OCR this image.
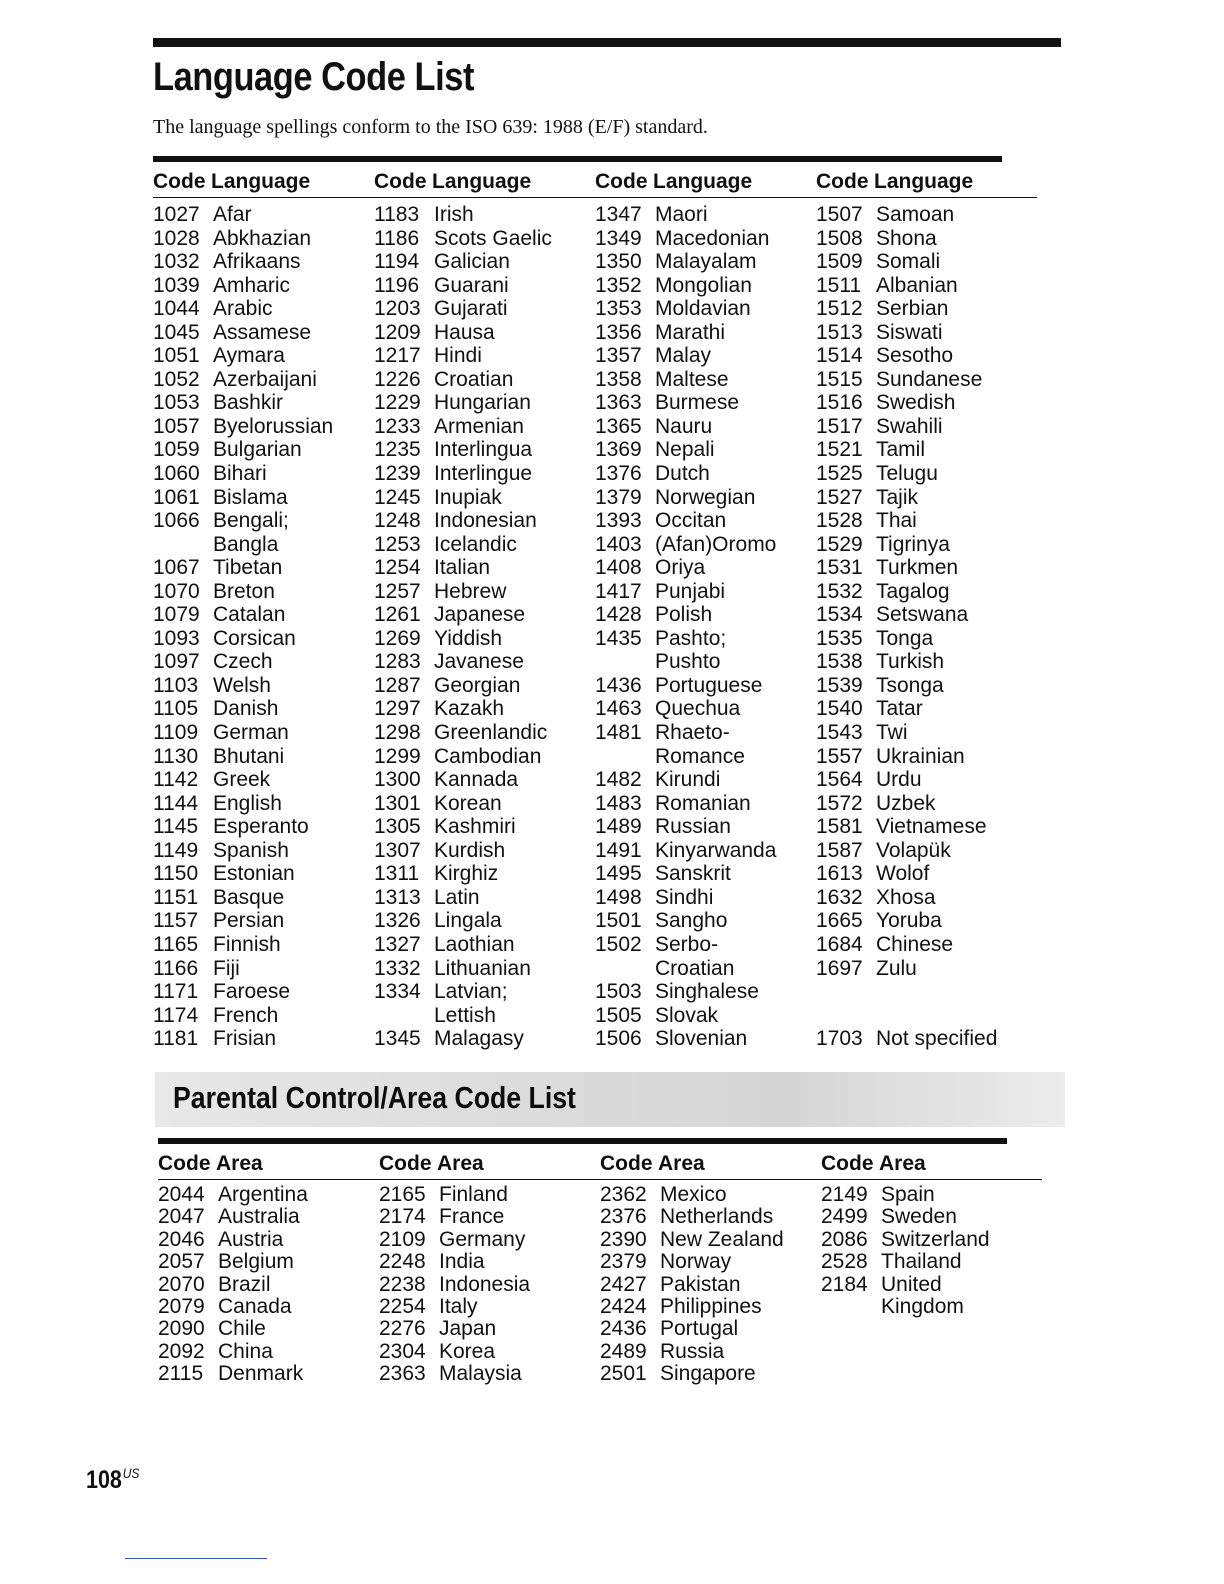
Language Code List
The language spellings conform to the ISO 639: 1988 (E/F) standard.
Code Language
1027 Afar
1028 Abkhazian
1032 Afrikaans
1039 Amharic
1044 Arabic
1045 Assamese
1051 Aymara
1052 Azerbaijani
1053 Bashkir
1057 Byelorussian
1059 Bulgarian
1060 Bihari
1061 Bislama
1066 Bengali;
Bangla
1067 Tibetan
1070 Breton
1079 Catalan
1093 Corsican
1097 Czech
1103 Welsh
1105 Danish
1109 German
1130 Bhutani
1142 Greek
1144 English
1145 Esperanto
1149 Spanish
1150 Estonian
1151 Basque
1157 Persian
1165 Finnish
1166 Fiji
1171 Faroese
1174 French
1181 Frisian
Code Language
1183 Irish
1186 Scots Gaelic
1194 Galician
1196 Guarani
1203 Gujarati
1209 Hausa
1217 Hindi
1226 Croatian
1229 Hungarian
1233 Armenian
1235 Interlingua
1239 Interlingue
1245 Inupiak
1248 Indonesian
1253 Icelandic
1254 Italian
1257 Hebrew
1261 Japanese
1269 Yiddish
1283 Javanese
1287 Georgian
1297 Kazakh
1298 Greenlandic
1299 Cambodian
1300 Kannada
1301 Korean
1305 Kashmiri
1307 Kurdish
1311 Kirghiz
1313 Latin
1326 Lingala
1327 Laothian
1332 Lithuanian
1334 Latvian;
Lettish
1345 Malagasy
Code Language
1347 Maori
1349 Macedonian
1350 Malayalam
1352 Mongolian
1353 Moldavian
1356 Marathi
1357 Malay
1358 Maltese
1363 Burmese
1365 Nauru
1369 Nepali
1376 Dutch
1379 Norwegian
1393 Occitan
1403 (Afan)Oromo
1408 Oriya
1417 Punjabi
1428 Polish
1435 Pashto;
Pushto
1436 Portuguese
1463 Quechua
1481 Rhaeto-
Romance
1482 Kirundi
1483 Romanian
1489 Russian
1491 Kinyarwanda
1495 Sanskrit
1498 Sindhi
1501 Sangho
1502 Serbo-
Croatian
1503 Singhalese
1505 Slovak
1506 Slovenian
Code Language
1507 Samoan
1508 Shona
1509 Somali
1511 Albanian
1512 Serbian
1513 Siswati
1514 Sesotho
1515 Sundanese
1516 Swedish
1517 Swahili
1521 Tamil
1525 Telugu
1527 Tajik
1528 Thai
1529 Tigrinya
1531 Turkmen
1532 Tagalog
1534 Setswana
1535 Tonga
1538 Turkish
1539 Tsonga
1540 Tatar
1543 Twi
1557 Ukrainian
1564 Urdu
1572 Uzbek
1581 Vietnamese
1587 Volapük
1613 Wolof
1632 Xhosa
1665 Yoruba
1684 Chinese
1697 Zulu

1703 Not specified
Parental Control/Area Code List
Code Area
2044 Argentina
2047 Australia
2046 Austria
2057 Belgium
2070 Brazil
2079 Canada
2090 Chile
2092 China
2115 Denmark
Code Area
2165 Finland
2174 France
2109 Germany
2248 India
2238 Indonesia
2254 Italy
2276 Japan
2304 Korea
2363 Malaysia
Code Area
2362 Mexico
2376 Netherlands
2390 New Zealand
2379 Norway
2427 Pakistan
2424 Philippines
2436 Portugal
2489 Russia
2501 Singapore
Code Area
2149 Spain
2499 Sweden
2086 Switzerland
2528 Thailand
2184 United
Kingdom
$108^{US}$
